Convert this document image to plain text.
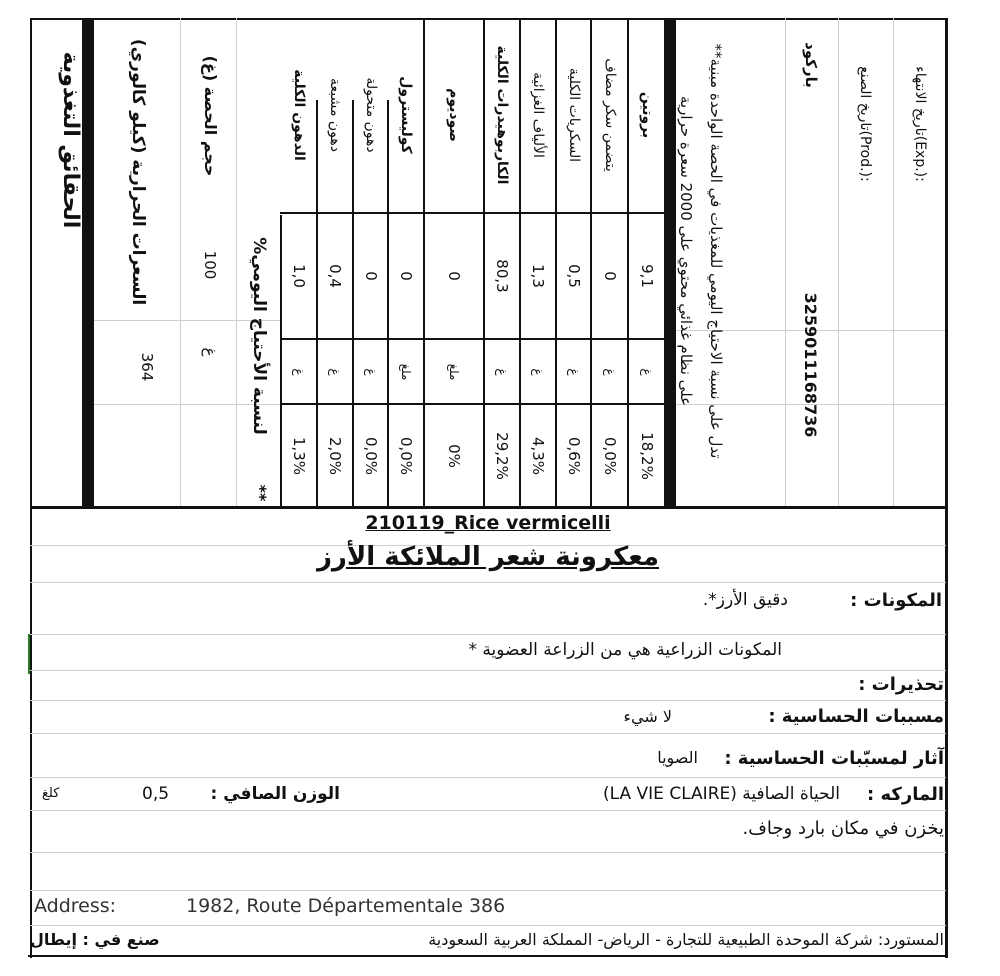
الحقائق التغذوية	السعرات الحرارية (كيلو كالوري)
364
حجم الحصة (غ)
100
غ
%لنسبة الأحتياج اليومي
**
الدهون الكلية
1,0
غ
1,3%
دهون مشبعة
0,4
غ
2,0%
دهون متحولة
0
غ
0,0%
كوليسترول
0
ملغ
0,0%
صوديوم
0
ملغ
0%
الكاربوهيدرات الكلية
80,3
غ
29,2%
الألياف الغزائية
1,3
غ
4,3%
السكريات الكلية
0,5
غ
0,6%
يتضمن سكر مضاف
0
غ
0,0%
بروتين
9,1
غ
18,2%
**تدل على نسبة الاحتياج اليومي للمغذيات في الحصة الواحدة مبنية على نظام غذائي محتوي على 2000 سعرة حرارية
باركود
3259011168736
تاريخ الصنع(Prod.):
تاريخ الانتهاء(Exp.):
210119_Rice vermicelli
معكرونة شعر الملائكة الأرز
المكونات :
دقيق الأرز*.
المكونات الزراعية هي من الزراعة العضوية *
تحذيرات :
مسببات الحساسية :
لا شيء
آثار لمسبّبات الحساسية :
الصويا
الماركه :
الحياة الصافية (LA VIE CLAIRE)
الوزن الصافي :
0,5
كلغ
يخزن في مكان بارد وجاف.
Address:	1982, Route Départementale 386
المستورد: شركة الموحدة الطبيعية للتجارة - الرياض- المملكة العربية السعودية
صنع في : إيطال
